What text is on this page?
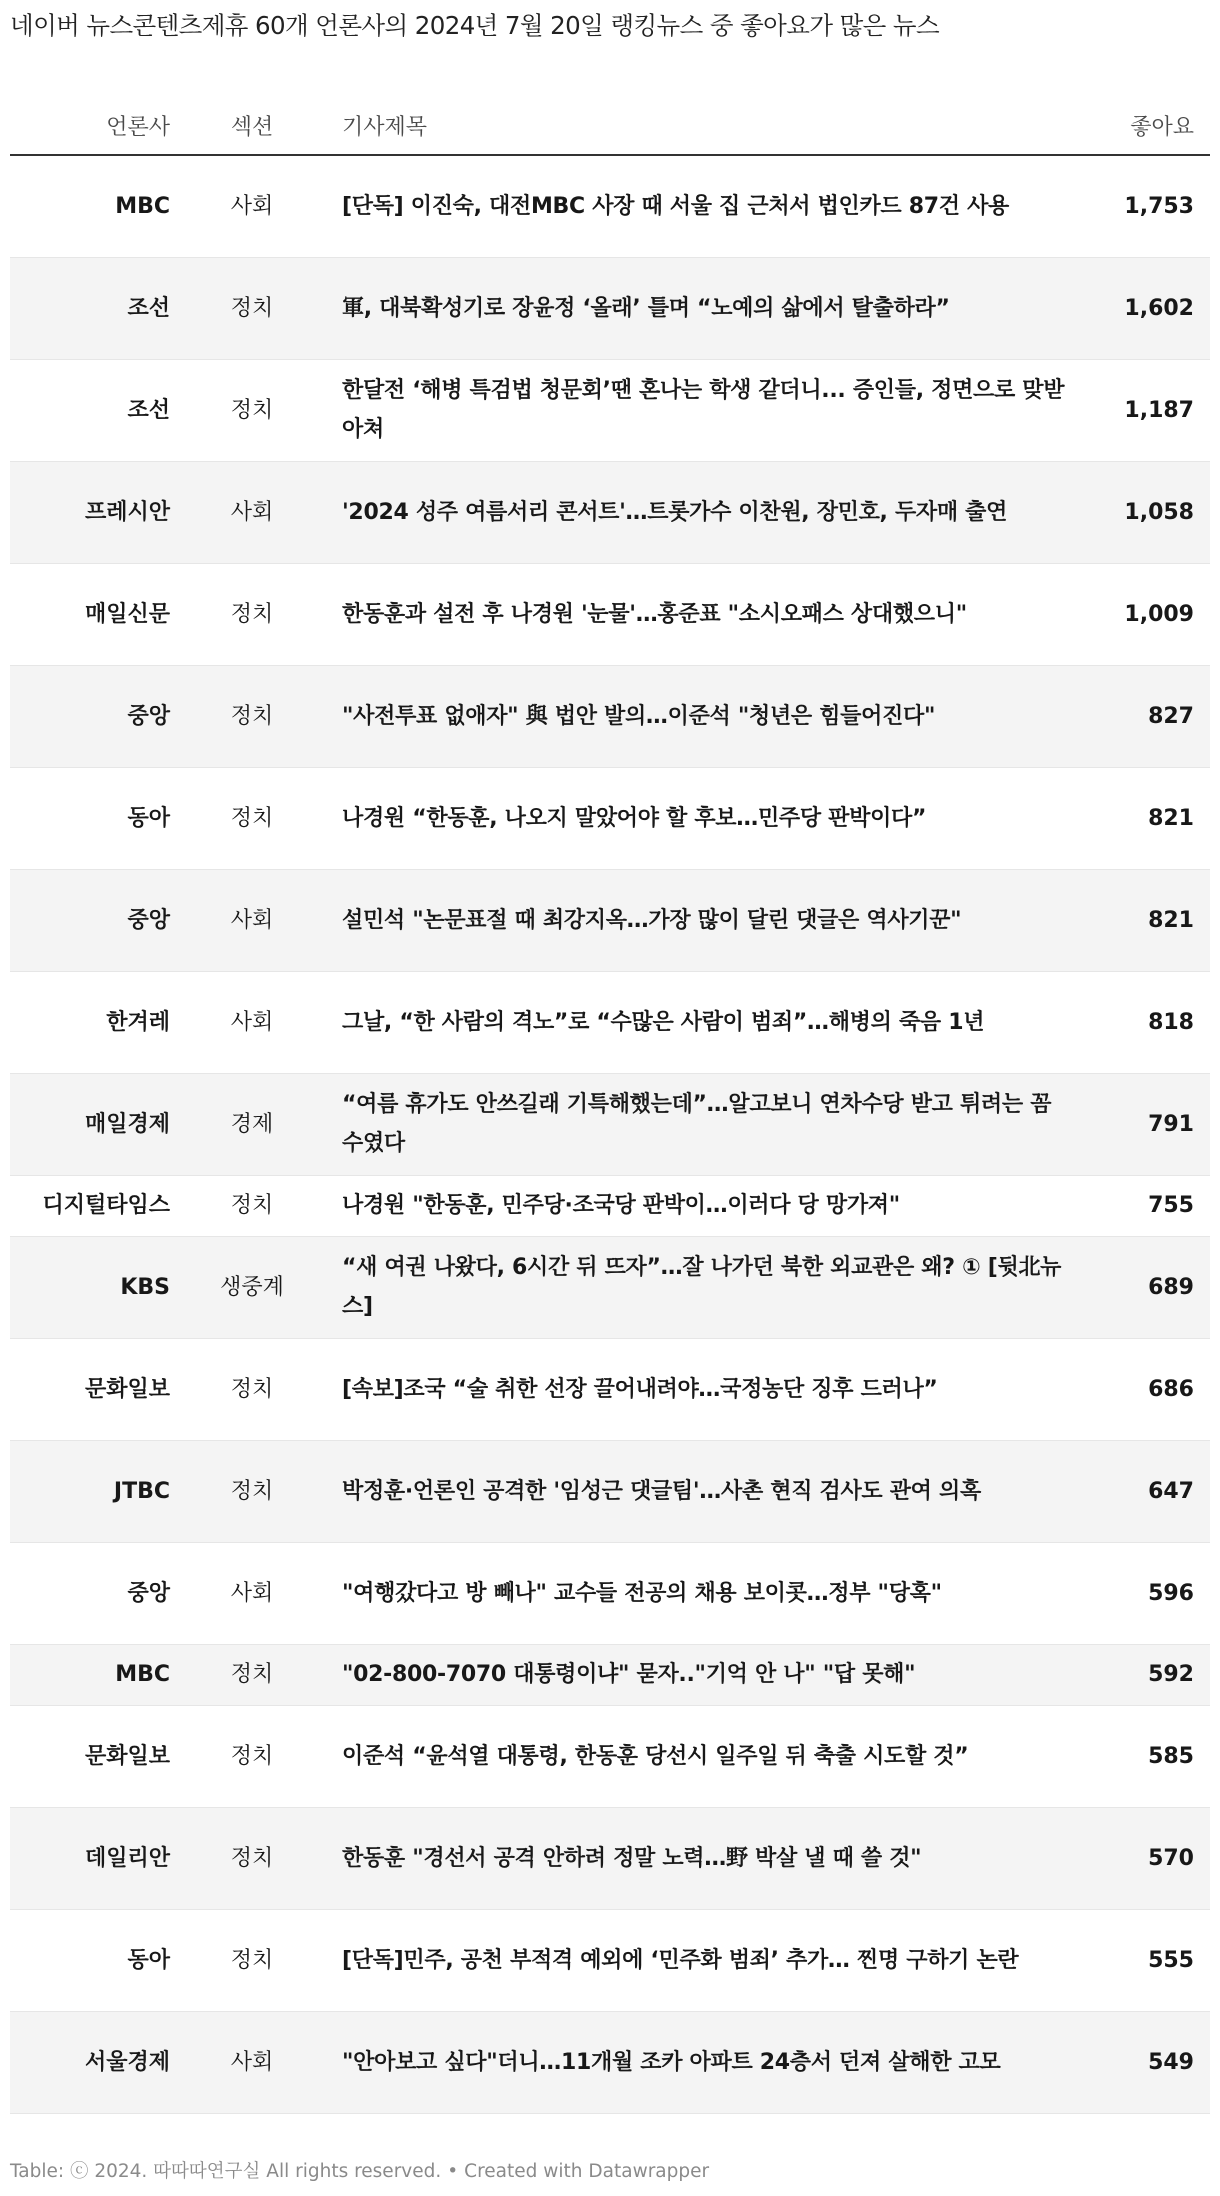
네이버 뉴스콘텐츠제휴 60개 언론사의 2024년 7월 20일 랭킹뉴스 중 좋아요가 많은 뉴스
언론사	섹션	기사제목	좋아요
MBC	사회	[단독] 이진숙, 대전MBC 사장 때 서울 집 근처서 법인카드 87건 사용	1,753
조선	정치	軍, 대북확성기로 장윤정 ‘올래’ 틀며 “노예의 삶에서 탈출하라”	1,602
조선	정치	한달전 ‘해병 특검법 청문회’땐 혼나는 학생 같더니... 증인들, 정면으로 맞받아쳐	1,187
프레시안	사회	'2024 성주 여름서리 콘서트'…트롯가수 이찬원, 장민호, 두자매 출연	1,058
매일신문	정치	한동훈과 설전 후 나경원 '눈물'…홍준표 "소시오패스 상대했으니"	1,009
중앙	정치	"사전투표 없애자" 與 법안 발의…이준석 "청년은 힘들어진다"	827
동아	정치	나경원 “한동훈, 나오지 말았어야 할 후보…민주당 판박이다”	821
중앙	사회	설민석 "논문표절 때 최강지옥…가장 많이 달린 댓글은 역사기꾼"	821
한겨레	사회	그날, “한 사람의 격노”로 “수많은 사람이 범죄”…해병의 죽음 1년	818
매일경제	경제	“여름 휴가도 안쓰길래 기특해했는데”…알고보니 연차수당 받고 튀려는 꼼수였다	791
디지털타임스	정치	나경원 "한동훈, 민주당·조국당 판박이…이러다 당 망가져"	755
KBS	생중계	“새 여권 나왔다, 6시간 뒤 뜨자”…잘 나가던 북한 외교관은 왜? ① [뒷北뉴스]	689
문화일보	정치	[속보]조국 “술 취한 선장 끌어내려야…국정농단 징후 드러나”	686
JTBC	정치	박정훈·언론인 공격한 '임성근 댓글팀'…사촌 현직 검사도 관여 의혹	647
중앙	사회	"여행갔다고 방 빼나" 교수들 전공의 채용 보이콧…정부 "당혹"	596
MBC	정치	"02-800-7070 대통령이냐" 묻자.."기억 안 나" "답 못해"	592
문화일보	정치	이준석 “윤석열 대통령, 한동훈 당선시 일주일 뒤 축출 시도할 것”	585
데일리안	정치	한동훈 "경선서 공격 안하려 정말 노력…野 박살 낼 때 쓸 것"	570
동아	정치	[단독]민주, 공천 부적격 예외에 ‘민주화 범죄’ 추가… 찐명 구하기 논란	555
서울경제	사회	"안아보고 싶다"더니…11개월 조카 아파트 24층서 던져 살해한 고모	549
Table: ⓒ 2024. 따따따연구실 All rights reserved. • Created with Datawrapper
